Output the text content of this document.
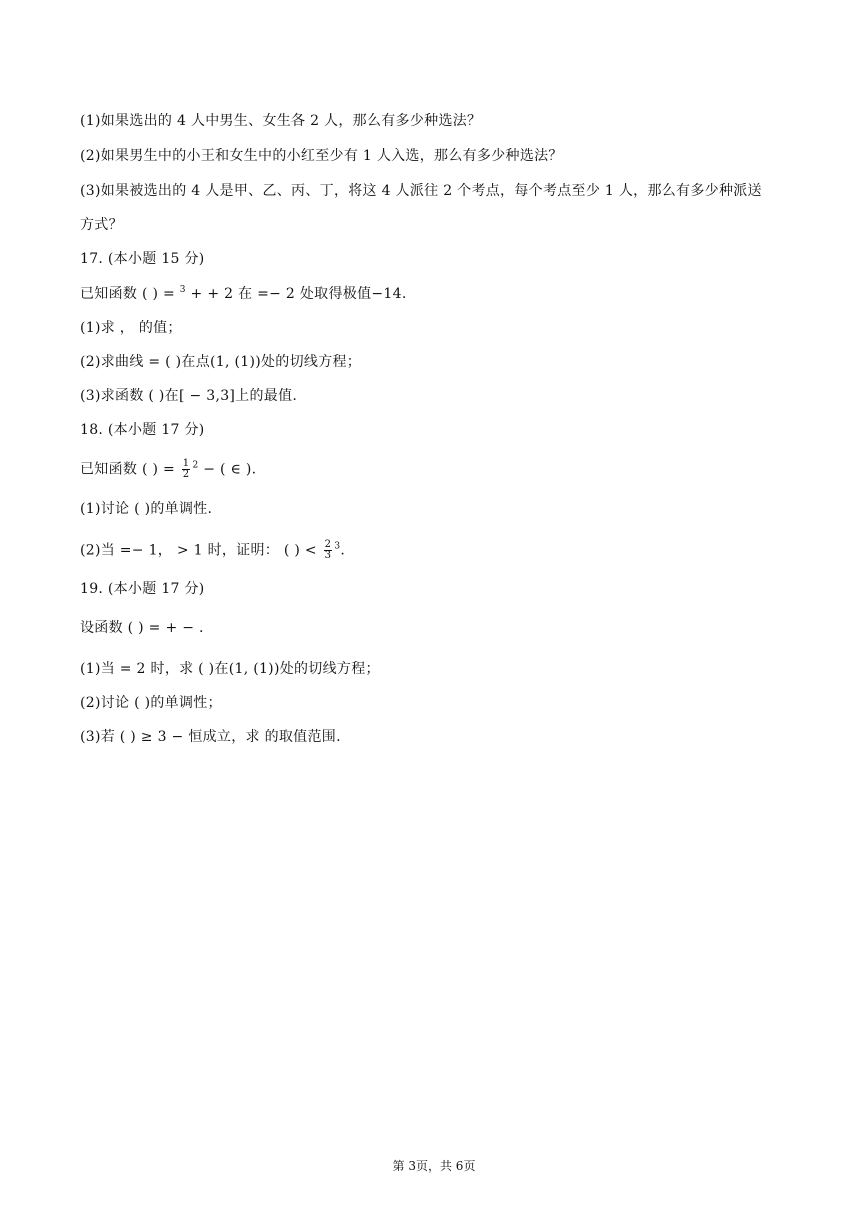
(1)如果选出的 4 人中男生、女生各 2 人，那么有多少种选法？
(2)如果男生中的小王和女生中的小红至少有 1 人入选，那么有多少种选法？
(3)如果被选出的 4 人是甲、乙、丙、丁，将这 4 人派往 2 个考点，每个考点至少 1 人，那么有多少种派送
方式？
17. (本小题 15 分)
已知函数 ( ) = $^3$ + + 2 在 =− 2 处取得极值−14.
(1)求 ， 的值；
(2)求曲线 = ( )在点(1, (1))处的切线方程；
(3)求函数 ( )在[ − 3,3]上的最值.
18. (本小题 17 分)
已知函数 ( ) = $\frac{1}{2} ^2$ − ( ∈ ).
(1)讨论 ( )的单调性.
(2)当 =− 1， > 1 时，证明： ( ) < $\frac{2}{3} ^3$.
19. (本小题 17 分)
设函数 ( ) = + − .
(1)当 = 2 时，求 ( )在(1, (1))处的切线方程；
(2)讨论 ( )的单调性；
(3)若 ( ) ≥ 3 − 恒成立，求 的取值范围.
第 3页，共 6页
